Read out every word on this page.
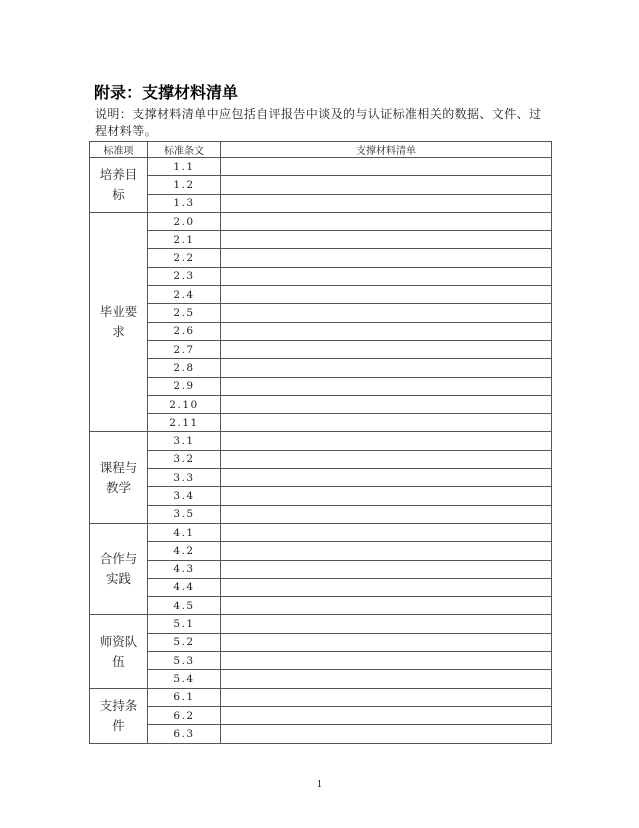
附录：支撑材料清单
说明：支撑材料清单中应包括自评报告中谈及的与认证标准相关的数据、文件、过程材料等。
标准项	标准条文	支撑材料清单
培养目标	1.1	
	1.2	
	1.3	
毕业要求	2.0	
	2.1	
	2.2	
	2.3	
	2.4	
	2.5	
	2.6	
	2.7	
	2.8	
	2.9	
	2.10	
	2.11	
课程与教学	3.1	
	3.2	
	3.3	
	3.4	
	3.5	
合作与实践	4.1	
	4.2	
	4.3	
	4.4	
	4.5	
师资队伍	5.1	
	5.2	
	5.3	
	5.4	
支持条件	6.1	
	6.2	
	6.3	
1
